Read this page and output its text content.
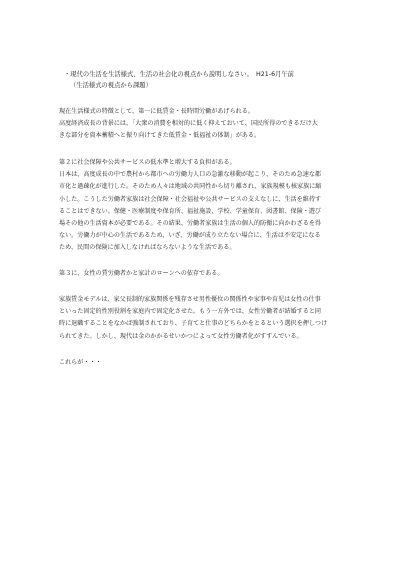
・現代の生活を生活様式、生活の社会化の視点から説明しなさい。　H21-6月午前
（生活様式の視点から課題）
現在生活様式の特徴として、第一に低賃金・長時間労働があげられる。
高度経済成長の背景には、「大衆の消費を相対的に低く抑えておいて、国民所得のできるだけ大
きな部分を資本蓄積へと振り向けてきた低賃金・低福祉の体制」がある。
第２に社会保障や公共サービスの低水準と増大する負担がある。
日本は、高度成長の中で農村から都市への労働力人口の急激な移動が起こり、そのため急速な都
市化と過疎化が進行した。そのため人々は地域の共同性から切り離され、家族規模も核家族に縮
小した。こうした労働者家族は社会保障・社会福祉や公共サービスの支えなしに、生活を維持す
ることはできない。保健・医療制度や保育所、福祉施設、学校、学童保育、図書館、保険・遊び
場その他の生活資本が必要である。その結果、労働者家族は生活の個人的防衛に向かわざるを得
ない。労働力が中心の生活であるため、いざ、労働が成り立たない場合に、生活は不安定になる
ため、民間の保険に加入しなければならないような生活である。
第３に、女性の賃労働者かと家計のローンへの依存である。
家族賃金モデルは、家父長制的家族関係を残存させ男性優位の関係性や家事や育児は女性の仕事
といった固定的性別役割を家庭内で固定化させた。もう一方外では、女性労働者が結婚すると同
時に退職することをなかば強制されており、子育てと仕事のどちらかをとるという選択を押しつけ
られてきた。しかし、現代は金のかかるせいかつによって女性労働者化がすすんでいる。
これらが・・・
